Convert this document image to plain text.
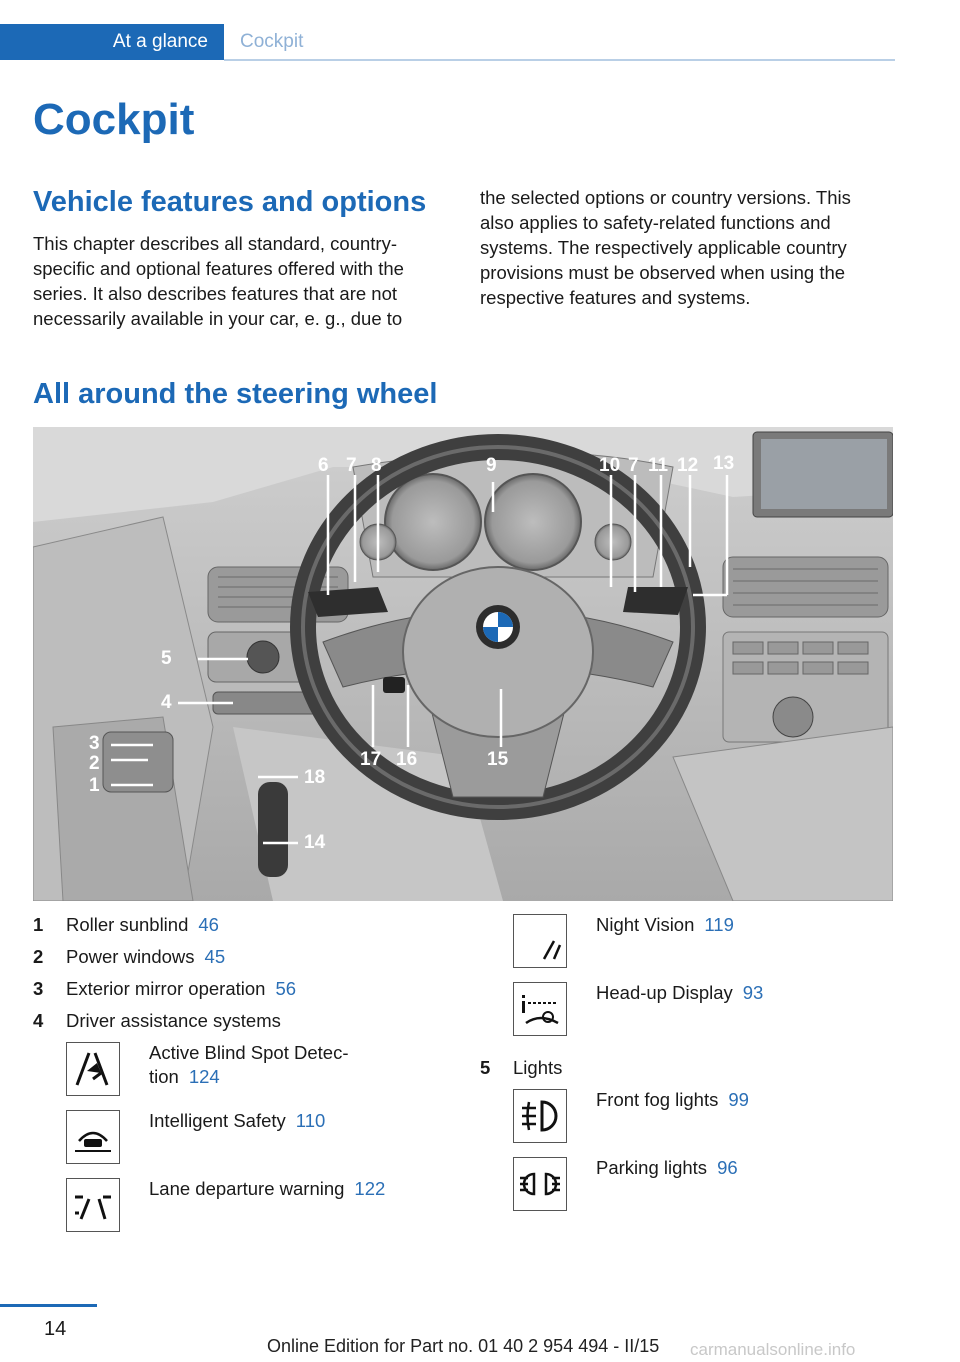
At a glance Cockpit
Cockpit
Vehicle features and options
This chapter describes all standard, country-
specific and optional features offered with the
series. It also describes features that are not
necessarily available in your car, e. g., due to
the selected options or country versions. This
also applies to safety-related functions and
systems. The respectively applicable country
provisions must be observed when using the
respective features and systems.
All around the steering wheel
6 7 8	9	10 7 11 12 13
5
4
3
2
1
17 16	15
18
14
1 Roller sunblind 46
2 Power windows 45
3 Exterior mirror operation 56
4 Driver assistance systems
Active Blind Spot Detec-
tion 124
Intelligent Safety 110
Lane departure warning 122
Night Vision 119
Head-up Display 93
5 Lights
Front fog lights 99
Parking lights 96
14
Online Edition for Part no. 01 40 2 954 494 - II/15 carmanualsonline.info
